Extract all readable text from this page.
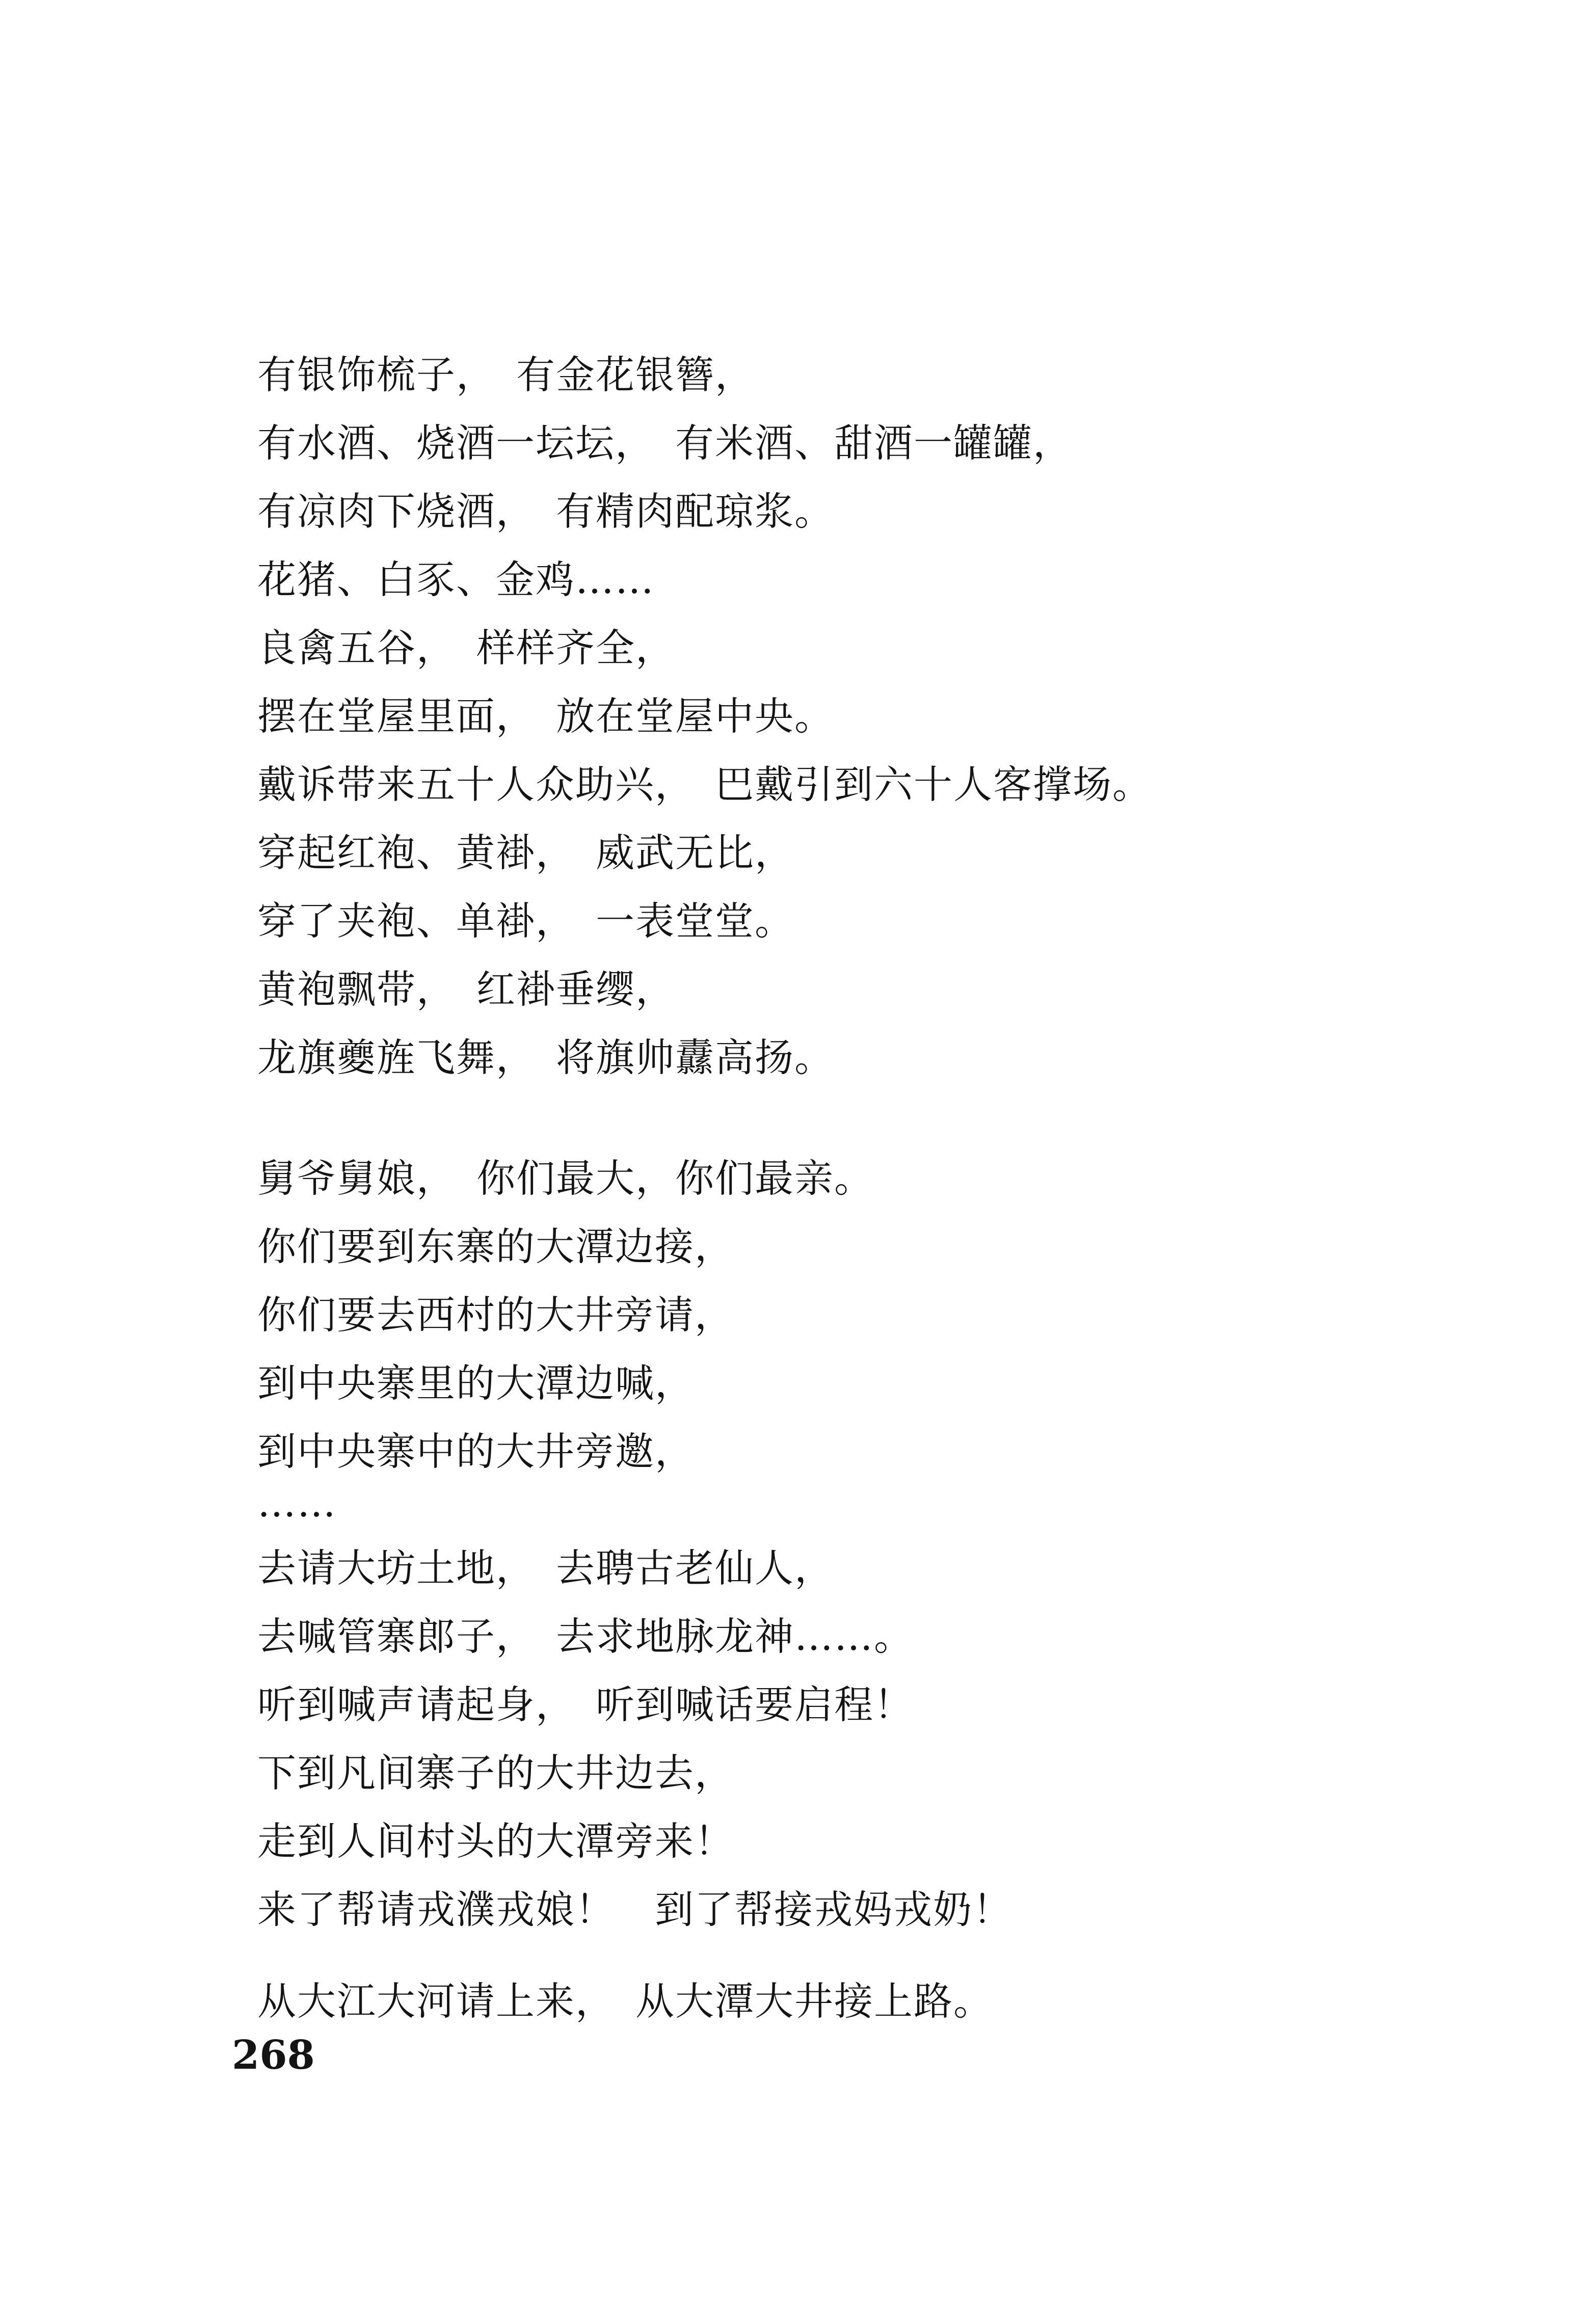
有银饰梳子，　有金花银簪，
有水酒、烧酒一坛坛，　有米酒、甜酒一罐罐，
有凉肉下烧酒，　有精肉配琼浆。
花猪、白豕、金鸡……
良禽五谷，　样样齐全，
摆在堂屋里面，　放在堂屋中央。
戴诉带来五十人众助兴，　巴戴引到六十人客撑场。
穿起红袍、黄褂，　威武无比，
穿了夹袍、单褂，　一表堂堂。
黄袍飘带，　红褂垂缨，
龙旗夔旌飞舞，　将旗帅纛高扬。
舅爷舅娘，　你们最大，你们最亲。
你们要到东寨的大潭边接，
你们要去西村的大井旁请，
到中央寨里的大潭边喊，
到中央寨中的大井旁邀，
……
去请大坊土地，　去聘古老仙人，
去喊管寨郎子，　去求地脉龙神……。
听到喊声请起身，　听到喊话要启程！
下到凡间寨子的大井边去，
走到人间村头的大潭旁来！
来了帮请戎濮戎娘！　到了帮接戎妈戎奶！
从大江大河请上来，　从大潭大井接上路。
268
